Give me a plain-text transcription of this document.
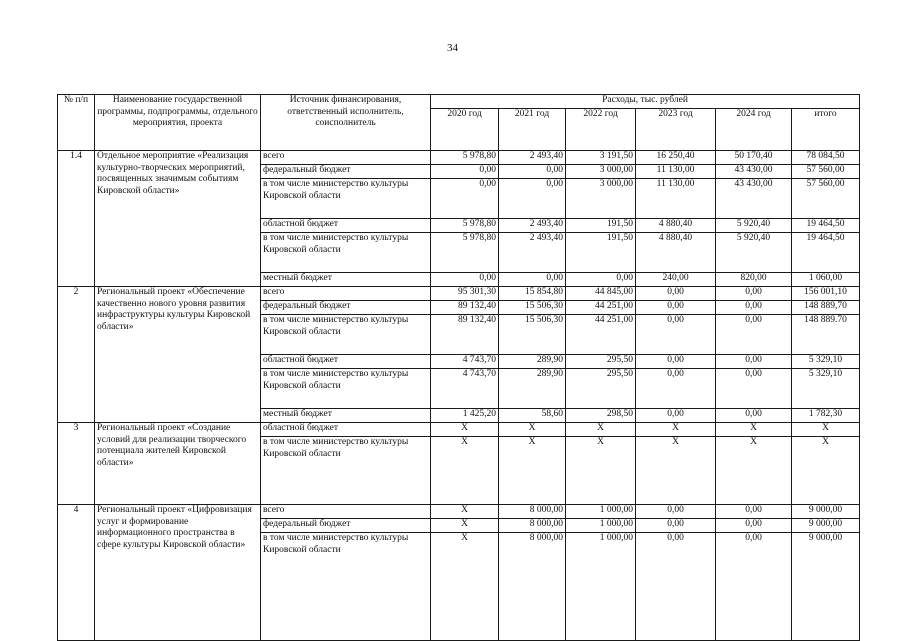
34
№ п/п	Наименование государственной программы, подпрограммы, отдельного мероприятия, проекта	Источник финансирования, ответственный исполнитель, соисполнитель	Расходы, тыс. рублей					
			2020 год	2021 год	2022 год	2023 год	2024 год	итого
1.4	Отдельное мероприятие «Реализация культурно-творческих мероприятий, посвященных значимым событиям Кировской области»	всего	5 978,80	2 493,40	3 191,50	16 250,40	50 170,40	78 084,50
		федеральный бюджет	0,00	0,00	3 000,00	11 130,00	43 430,00	57 560,00
		в том числе министерство культуры Кировской области	0,00	0,00	3 000,00	11 130,00	43 430,00	57 560,00
		областной бюджет	5 978,80	2 493,40	191,50	4 880,40	5 920,40	19 464,50
		в том числе министерство культуры Кировской области	5 978,80	2 493,40	191,50	4 880,40	5 920,40	19 464,50
		местный бюджет	0,00	0,00	0,00	240,00	820,00	1 060,00
2	Региональный проект «Обеспечение качественно нового уровня развития инфраструктуры культуры Кировской области»	всего	95 301,30	15 854,80	44 845,00	0,00	0,00	156 001,10
		федеральный бюджет	89 132,40	15 506,30	44 251,00	0,00	0,00	148 889,70
		в том числе министерство культуры Кировской области	89 132,40	15 506,30	44 251,00	0,00	0,00	148 889.70
		областной бюджет	4 743,70	289,90	295,50	0,00	0,00	5 329,10
		в том числе министерство культуры Кировской области	4 743,70	289,90	295,50	0,00	0,00	5 329,10
		местный бюджет	1 425,20	58,60	298,50	0,00	0,00	1 782,30
3	Региональный проект «Создание условий для реализации творческого потенциала жителей Кировской области»	областной бюджет	X	X	X	X	X	X
		в том числе министерство культуры Кировской области	X	X	X	X	X	X
4	Региональный проект «Цифровизация услуг и формирование информационного пространства в сфере культуры Кировской области»	всего	X	8 000,00	1 000,00	0,00	0,00	9 000,00
		федеральный бюджет	X	8 000,00	1 000,00	0,00	0,00	9 000,00
		в том числе министерство культуры Кировской области	X	8 000,00	1 000,00	0,00	0,00	9 000,00
